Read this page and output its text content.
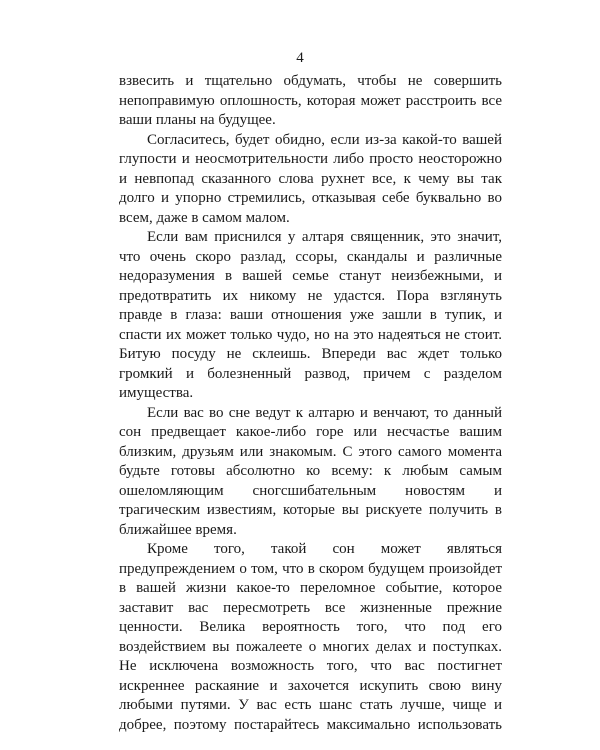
4

взвесить и тщательно обдумать, чтобы не совершить непоправимую оплошность, которая может расстроить все ваши планы на будущее.

Согласитесь, будет обидно, если из-за какой-то вашей глупости и неосмотрительности либо просто неосторожно и невпопад сказанного слова рухнет все, к чему вы так долго и упорно стремились, отказывая себе буквально во всем, даже в самом малом.

Если вам приснился у алтаря священник, это значит, что очень скоро разлад, ссоры, скандалы и различные недоразумения в вашей семье станут неизбежными, и предотвратить их никому не удастся. Пора взглянуть правде в глаза: ваши отношения уже зашли в тупик, и спасти их может только чудо, но на это надеяться не стоит. Битую посуду не склеишь. Впереди вас ждет только громкий и болезненный развод, причем с разделом имущества.

Если вас во сне ведут к алтарю и венчают, то данный сон предвещает какое-либо горе или несчастье вашим близким, друзьям или знакомым. С этого самого момента будьте готовы абсолютно ко всему: к любым самым ошеломляющим сногсшибательным новостям и трагическим известиям, которые вы рискуете получить в ближайшее время.

Кроме того, такой сон может являться предупреждением о том, что в скором будущем произойдет в вашей жизни какое-то переломное событие, которое заставит вас пересмотреть все жизненные прежние ценности. Велика вероятность того, что под его воздействием вы пожалеете о многих делах и поступках. Не исключена возможность того, что вас постигнет искреннее раскаяние и захочется искупить свою вину любыми путями. У вас есть шанс стать лучше, чище и добрее, поэтому постарайтесь максимально использовать
